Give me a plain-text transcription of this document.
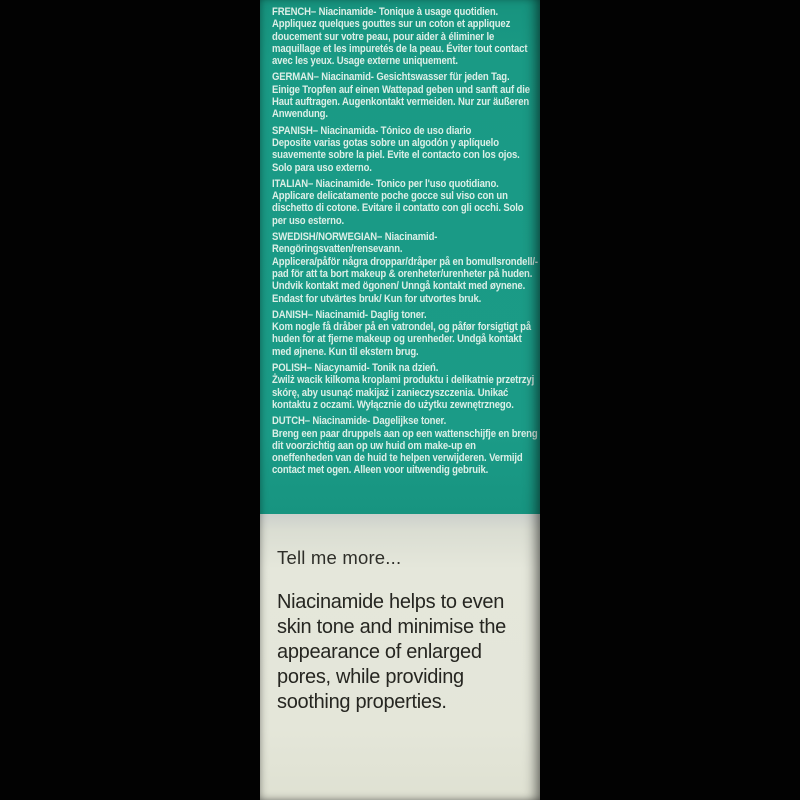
FRENCH– Niacinamide- Tonique à usage quotidien.

Appliquez quelques gouttes sur un coton et appliquez doucement sur votre peau, pour aider à éliminer le maquillage et les impuretés de la peau. Éviter tout contact avec les yeux. Usage externe uniquement.

GERMAN– Niacinamid- Gesichtswasser für jeden Tag.

Einige Tropfen auf einen Wattepad geben und sanft auf die Haut auftragen. Augenkontakt vermeiden. Nur zur äußeren Anwendung.

SPANISH– Niacinamida- Tónico de uso diario

Deposite varias gotas sobre un algodón y aplíquelo suavemente sobre la piel. Evite el contacto con los ojos. Solo para uso externo.

ITALIAN– Niacinamide- Tonico per l'uso quotidiano.

Applicare delicatamente poche gocce sul viso con un dischetto di cotone. Evitare il contatto con gli occhi. Solo per uso esterno.

SWEDISH/NORWEGIAN– Niacinamid- Rengöringsvatten/rensevann.

Applicera/påför några droppar/dråper på en bomullsrondell/-pad för att ta bort makeup & orenheter/urenheter på huden. Undvik kontakt med ögonen/ Unngå kontakt med øynene. Endast for utvärtes bruk/ Kun for utvortes bruk.

DANISH– Niacinamid- Daglig toner.

Kom nogle få dråber på en vatrondel, og påfør forsigtigt på huden for at fjerne makeup og urenheder. Undgå kontakt med øjnene. Kun til ekstern brug.

POLISH– Niacynamid- Tonik na dzień.

Żwilż wacik kilkoma kroplami produktu i delikatnie przetrzyj skórę, aby usunąć makijaż i zanieczyszczenia. Unikać kontaktu z oczami. Wyłącznie do użytku zewnętrznego.

DUTCH– Niacinamide- Dagelijkse toner.

Breng een paar druppels aan op een wattenschijfje en breng dit voorzichtig aan op uw huid om make-up en oneffenheden van de huid te helpen verwijderen. Vermijd contact met ogen. Alleen voor uitwendig gebruik.

Tell me more...

Niacinamide helps to even skin tone and minimise the appearance of enlarged pores, while providing soothing properties.
